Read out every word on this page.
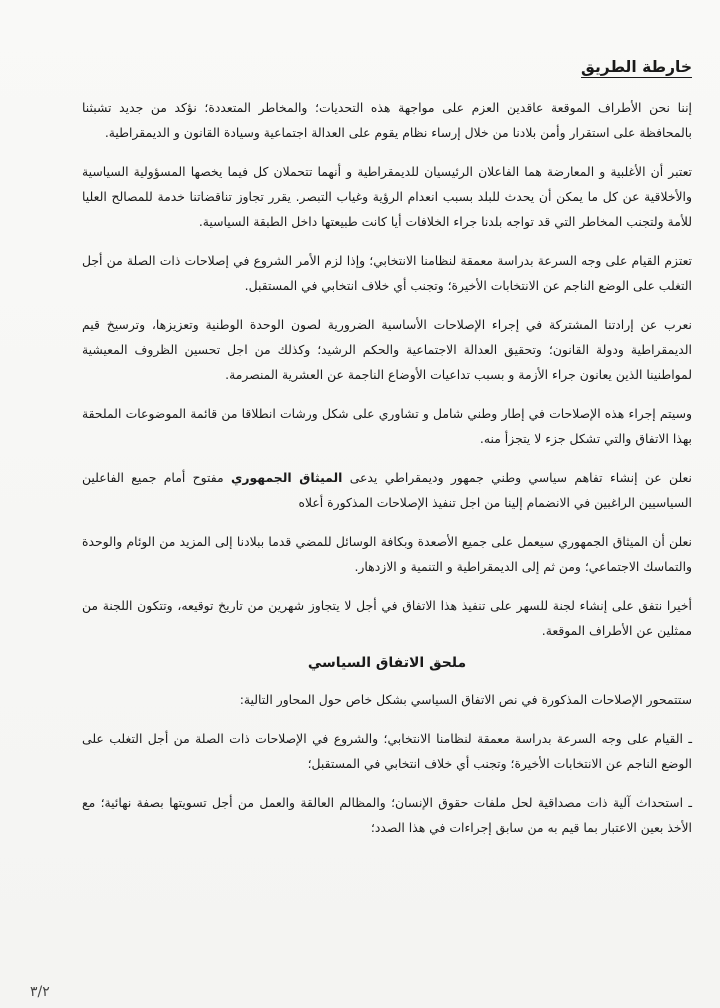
خارطة الطريق

إننا نحن الأطراف الموقعة عاقدين العزم على مواجهة هذه التحديات؛ والمخاطر المتعددة؛ نؤكد من جديد تشبثنا بالمحافظة على استقرار وأمن بلادنا من خلال إرساء نظام يقوم على العدالة اجتماعية وسيادة القانون و الديمقراطية.

تعتبر أن الأغلبية و المعارضة هما الفاعلان الرئيسيان للديمقراطية و أنهما تتحملان كل فيما يخصها المسؤولية السياسية والأخلاقية عن كل ما يمكن أن يحدث للبلد بسبب انعدام الرؤية وغياب التبصر. يقرر تجاوز تناقضاتنا خدمة للمصالح العليا للأمة ولتجنب المخاطر التي قد تواجه بلدنا جراء الخلافات أيا كانت طبيعتها داخل الطبقة السياسية.

تعتزم القيام على وجه السرعة بدراسة معمقة لنظامنا الانتخابي؛ وإذا لزم الأمر الشروع في إصلاحات ذات الصلة من أجل التغلب على الوضع الناجم عن الانتخابات الأخيرة؛ وتجنب أي خلاف انتخابي في المستقبل.

نعرب عن إرادتنا المشتركة في إجراء الإصلاحات الأساسية الضرورية لصون الوحدة الوطنية وتعزيزها، وترسيخ قيم الديمقراطية ودولة القانون؛ وتحقيق العدالة الاجتماعية والحكم الرشيد؛ وكذلك من اجل تحسين الظروف المعيشية لمواطنينا الذين يعانون جراء الأزمة و بسبب تداعيات الأوضاع الناجمة عن العشرية المنصرمة.

وسيتم إجراء هذه الإصلاحات في إطار وطني شامل و تشاوري على شكل ورشات انطلاقا من قائمة الموضوعات الملحقة بهذا الاتفاق والتي تشكل جزء لا يتجزأ منه.

نعلن عن إنشاء تفاهم سياسي وطني جمهور وديمقراطي يدعى الميثاق الجمهوري مفتوح أمام جميع الفاعلين السياسيين الراغبين في الانضمام إلينا من اجل تنفيذ الإصلاحات المذكورة أعلاه

نعلن أن الميثاق الجمهوري سيعمل على جميع الأصعدة وبكافة الوسائل للمضي قدما ببلادنا إلى المزيد من الوئام والوحدة والتماسك الاجتماعي؛ ومن ثم إلى الديمقراطية و التنمية و الازدهار.

أخيرا نتفق على إنشاء لجنة للسهر على تنفيذ هذا الاتفاق في أجل لا يتجاوز شهرين من تاريخ توقيعه، وتتكون اللجنة من ممثلين عن الأطراف الموقعة.

ملحق الاتفاق السياسي

ستتمحور الإصلاحات المذكورة في نص الاتفاق السياسي بشكل خاص حول المحاور التالية:

ـ القيام على وجه السرعة بدراسة معمقة لنظامنا الانتخابي؛ والشروع في الإصلاحات ذات الصلة من أجل التغلب على الوضع الناجم عن الانتخابات الأخيرة؛ وتجنب أي خلاف انتخابي في المستقبل؛

ـ استحداث آلية ذات مصداقية لحل ملفات حقوق الإنسان؛ والمظالم العالقة والعمل من أجل تسويتها بصفة نهائية؛ مع الأخذ بعين الاعتبار بما قيم به من سابق إجراءات في هذا الصدد؛

٣/٢
